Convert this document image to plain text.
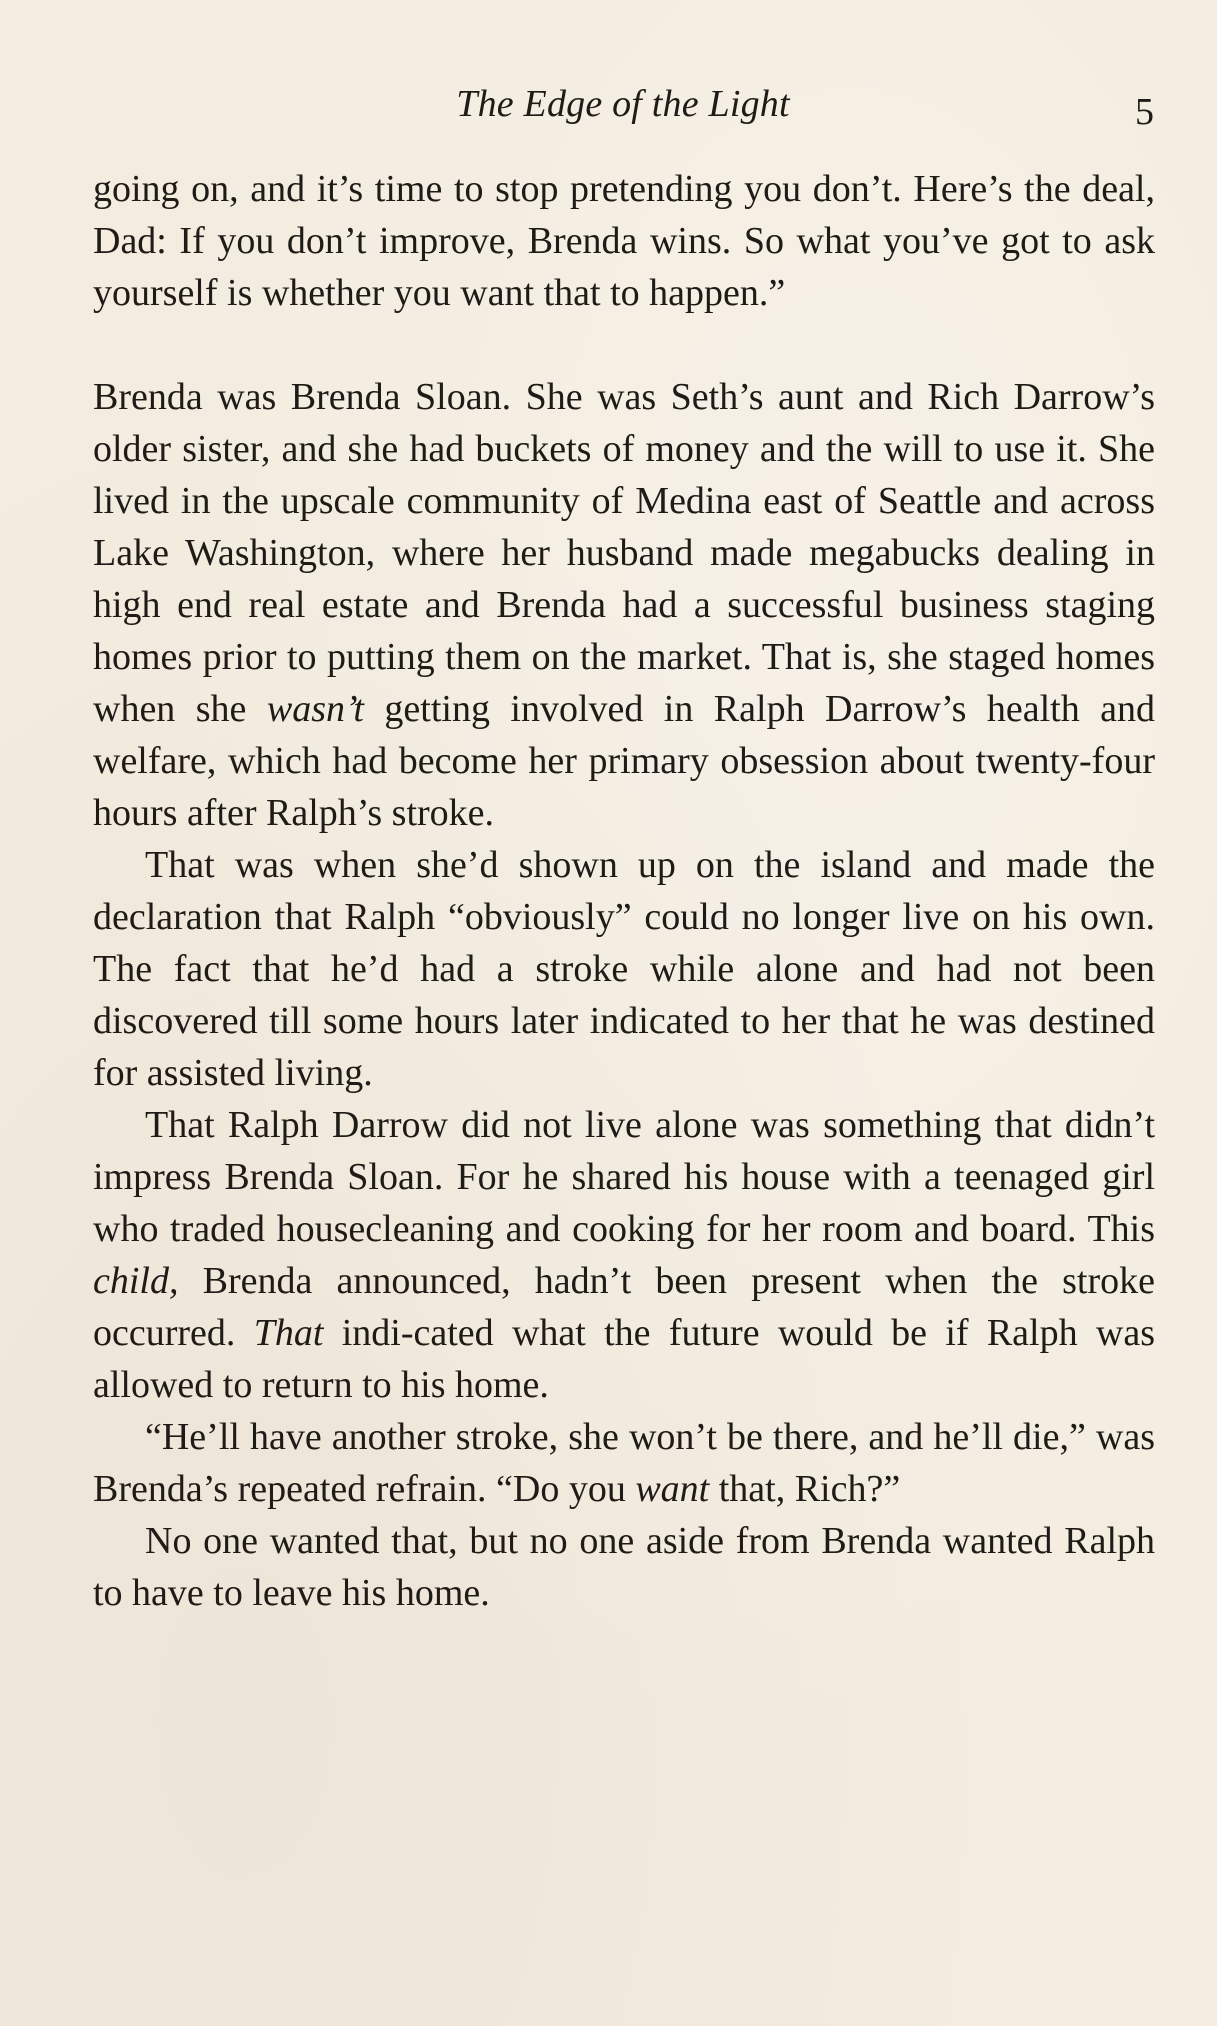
The Edge of the Light	5

going on, and it’s time to stop pretending you don’t. Here’s the deal, Dad: If you don’t improve, Brenda wins. So what you’ve got to ask yourself is whether you want that to happen.”

Brenda was Brenda Sloan. She was Seth’s aunt and Rich Darrow’s older sister, and she had buckets of money and the will to use it. She lived in the upscale community of Medina east of Seattle and across Lake Washington, where her husband made megabucks dealing in high end real estate and Brenda had a successful business staging homes prior to putting them on the market. That is, she staged homes when she wasn’t getting involved in Ralph Darrow’s health and welfare, which had become her primary obsession about twenty-four hours after Ralph’s stroke.

That was when she’d shown up on the island and made the declaration that Ralph “obviously” could no longer live on his own. The fact that he’d had a stroke while alone and had not been discovered till some hours later indicated to her that he was destined for assisted living.

That Ralph Darrow did not live alone was something that didn’t impress Brenda Sloan. For he shared his house with a teenaged girl who traded housecleaning and cooking for her room and board. This child, Brenda announced, hadn’t been present when the stroke occurred. That indi-cated what the future would be if Ralph was allowed to return to his home.

“He’ll have another stroke, she won’t be there, and he’ll die,” was Brenda’s repeated refrain. “Do you want that, Rich?”

No one wanted that, but no one aside from Brenda wanted Ralph to have to leave his home.
